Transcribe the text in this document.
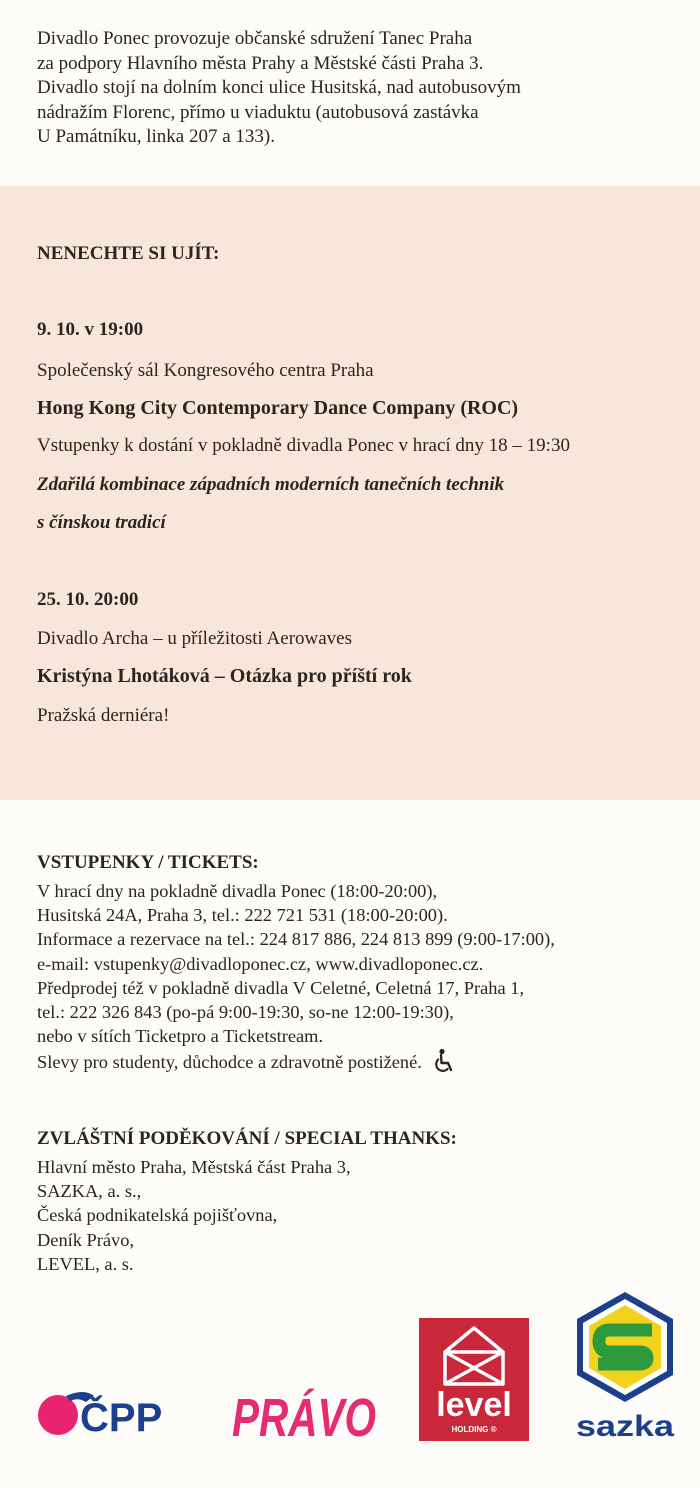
Divadlo Ponec provozuje občanské sdružení Tanec Praha

za podpory Hlavního města Prahy a Městské části Praha 3.

Divadlo stojí na dolním konci ulice Husitská, nad autobusovým

nádražím Florenc, přímo u viaduktu (autobusová zastávka

U Památníku, linka 207 a 133).

NENECHTE SI UJÍT:

9. 10. v 19:00

Společenský sál Kongresového centra Praha

Hong Kong City Contemporary Dance Company (ROC)

Vstupenky k dostání v pokladně divadla Ponec v hrací dny 18 – 19:30

Zdařilá kombinace západních moderních tanečních technik

s čínskou tradicí

25. 10. 20:00

Divadlo Archa – u příležitosti Aerowaves

Kristýna Lhotáková – Otázka pro příští rok

Pražská derniéra!

VSTUPENKY / TICKETS:
V hrací dny na pokladně divadla Ponec (18:00-20:00),
Husitská 24A, Praha 3, tel.: 222 721 531 (18:00-20:00).
Informace a rezervace na tel.: 224 817 886, 224 813 899 (9:00-17:00),
e-mail: vstupenky@divadloponec.cz, www.divadloponec.cz.
Předprodej též v pokladně divadla V Celetné, Celetná 17, Praha 1,
tel.: 222 326 843 (po-pá 9:00-19:30, so-ne 12:00-19:30),
nebo v sítích Ticketpro a Ticketstream.
Slevy pro studenty, důchodce a zdravotně postižené.
ZVLÁŠTNÍ PODĚKOVÁNÍ / SPECIAL THANKS:
Hlavní město Praha, Městská část Praha 3,
SAZKA, a. s.,
Česká podnikatelská pojišťovna,
Deník Právo,
LEVEL, a. s.
ČPP PRÁVO level
HOLDING ®	sazka
